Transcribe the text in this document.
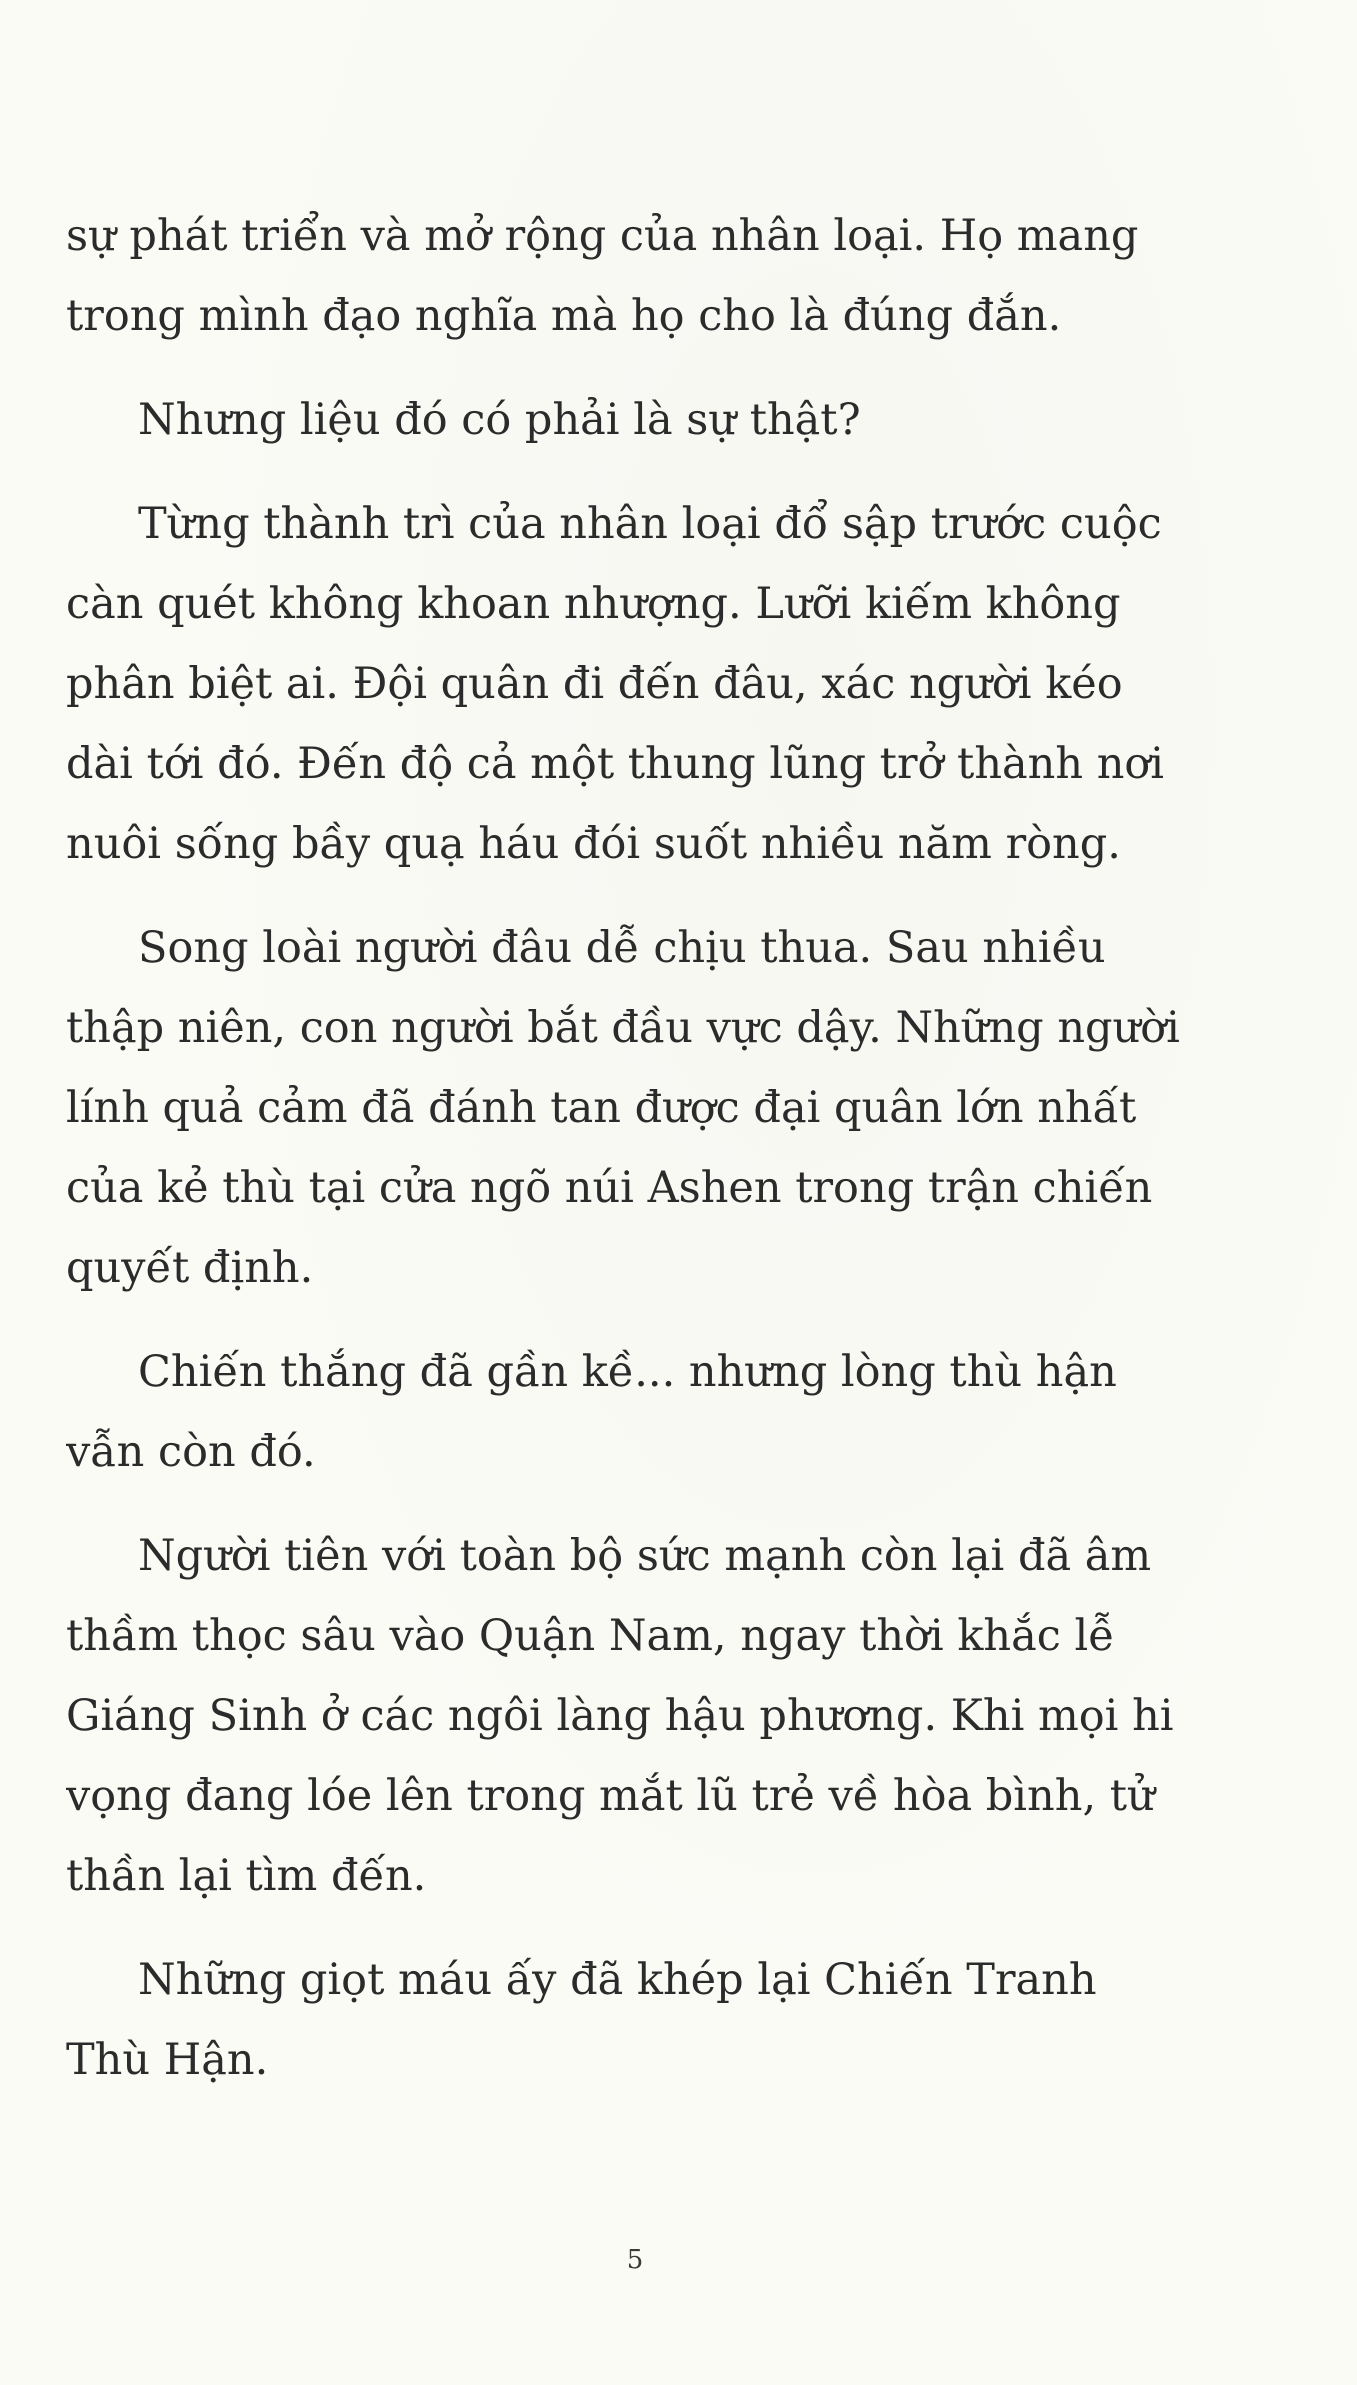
sự phát triển và mở rộng của nhân loại. Họ mang
trong mình đạo nghĩa mà họ cho là đúng đắn.

Nhưng liệu đó có phải là sự thật?

Từng thành trì của nhân loại đổ sập trước cuộc
càn quét không khoan nhượng. Lưỡi kiếm không
phân biệt ai. Đội quân đi đến đâu, xác người kéo
dài tới đó. Đến độ cả một thung lũng trở thành nơi
nuôi sống bầy quạ háu đói suốt nhiều năm ròng.

Song loài người đâu dễ chịu thua. Sau nhiều
thập niên, con người bắt đầu vực dậy. Những người
lính quả cảm đã đánh tan được đại quân lớn nhất
của kẻ thù tại cửa ngõ núi Ashen trong trận chiến
quyết định.

Chiến thắng đã gần kề... nhưng lòng thù hận
vẫn còn đó.

Người tiên với toàn bộ sức mạnh còn lại đã âm
thầm thọc sâu vào Quận Nam, ngay thời khắc lễ
Giáng Sinh ở các ngôi làng hậu phương. Khi mọi hi
vọng đang lóe lên trong mắt lũ trẻ về hòa bình, tử
thần lại tìm đến.

Những giọt máu ấy đã khép lại Chiến Tranh
Thù Hận.

5
